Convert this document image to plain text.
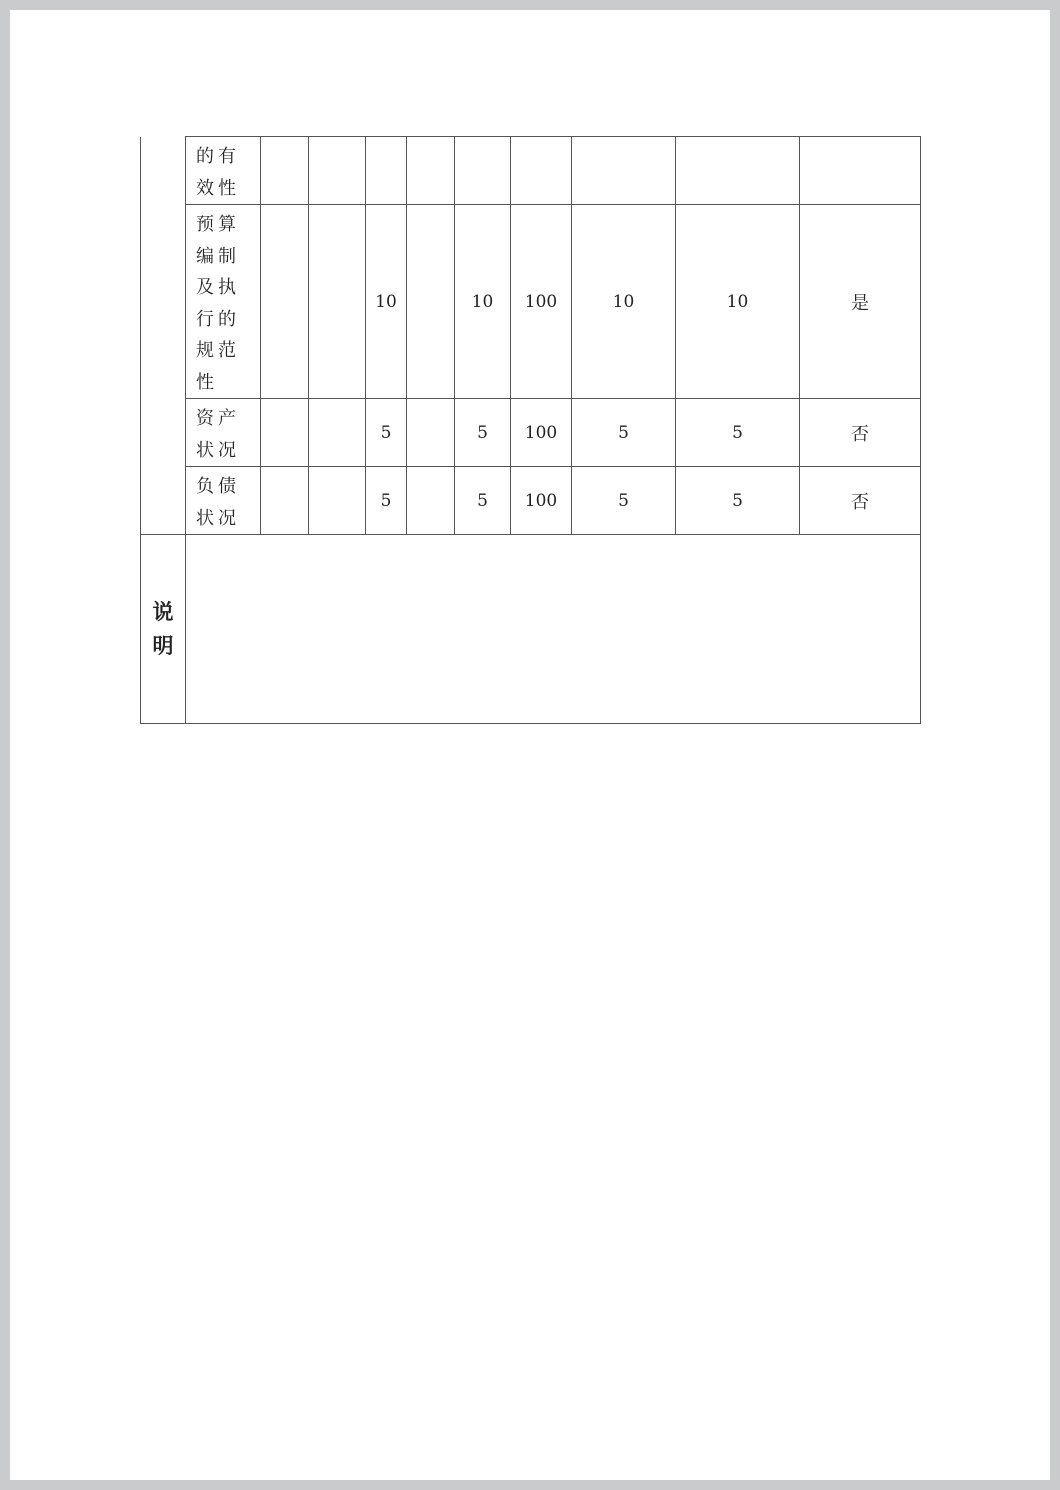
	的有效性									
	预算编制及执行的规范性			10		10	100	10	10	是
	资产状况			5		5	100	5	5	否
	负债状况			5		5	100	5	5	否

说
明										
